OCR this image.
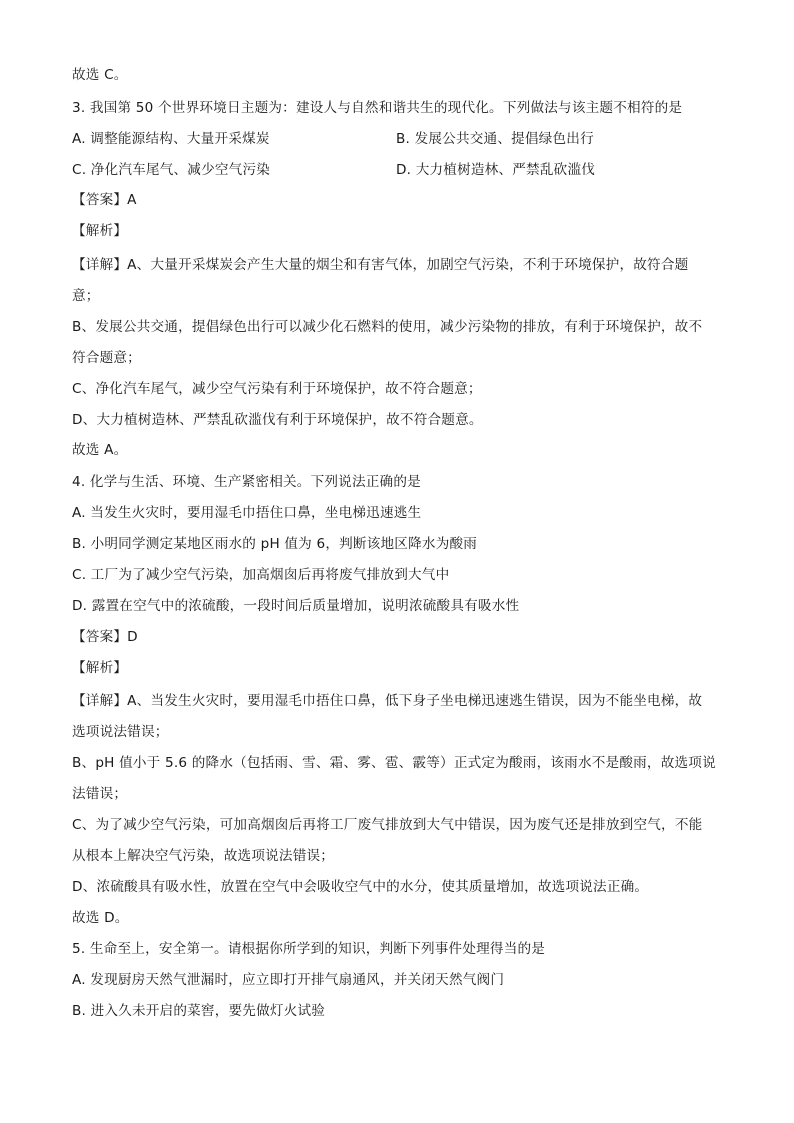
故选 C。
3. 我国第 50 个世界环境日主题为：建设人与自然和谐共生的现代化。下列做法与该主题不相符的是
A. 调整能源结构、大量开采煤炭	B. 发展公共交通、提倡绿色出行
C. 净化汽车尾气、减少空气污染	D. 大力植树造林、严禁乱砍滥伐
【答案】A
【解析】
【详解】A、大量开采煤炭会产生大量的烟尘和有害气体，加剧空气污染，不利于环境保护，故符合题
意；
B、发展公共交通，提倡绿色出行可以减少化石燃料的使用，减少污染物的排放，有利于环境保护，故不
符合题意；
C、净化汽车尾气，减少空气污染有利于环境保护，故不符合题意；
D、大力植树造林、严禁乱砍滥伐有利于环境保护，故不符合题意。
故选 A。
4. 化学与生活、环境、生产紧密相关。下列说法正确的是
A. 当发生火灾时，要用湿毛巾捂住口鼻，坐电梯迅速逃生
B. 小明同学测定某地区雨水的 pH 值为 6，判断该地区降水为酸雨
C. 工厂为了减少空气污染，加高烟囱后再将废气排放到大气中
D. 露置在空气中的浓硫酸，一段时间后质量增加，说明浓硫酸具有吸水性
【答案】D
【解析】
【详解】A、当发生火灾时，要用湿毛巾捂住口鼻，低下身子坐电梯迅速逃生错误，因为不能坐电梯，故
选项说法错误；
B、pH 值小于 5.6 的降水（包括雨、雪、霜、雾、雹、霰等）正式定为酸雨，该雨水不是酸雨，故选项说
法错误；
C、为了减少空气污染，可加高烟囱后再将工厂废气排放到大气中错误，因为废气还是排放到空气，不能
从根本上解决空气污染，故选项说法错误；
D、浓硫酸具有吸水性，放置在空气中会吸收空气中的水分，使其质量增加，故选项说法正确。
故选 D。
5. 生命至上，安全第一。请根据你所学到的知识，判断下列事件处理得当的是
A. 发现厨房天然气泄漏时，应立即打开排气扇通风，并关闭天然气阀门
B. 进入久未开启的菜窖，要先做灯火试验
